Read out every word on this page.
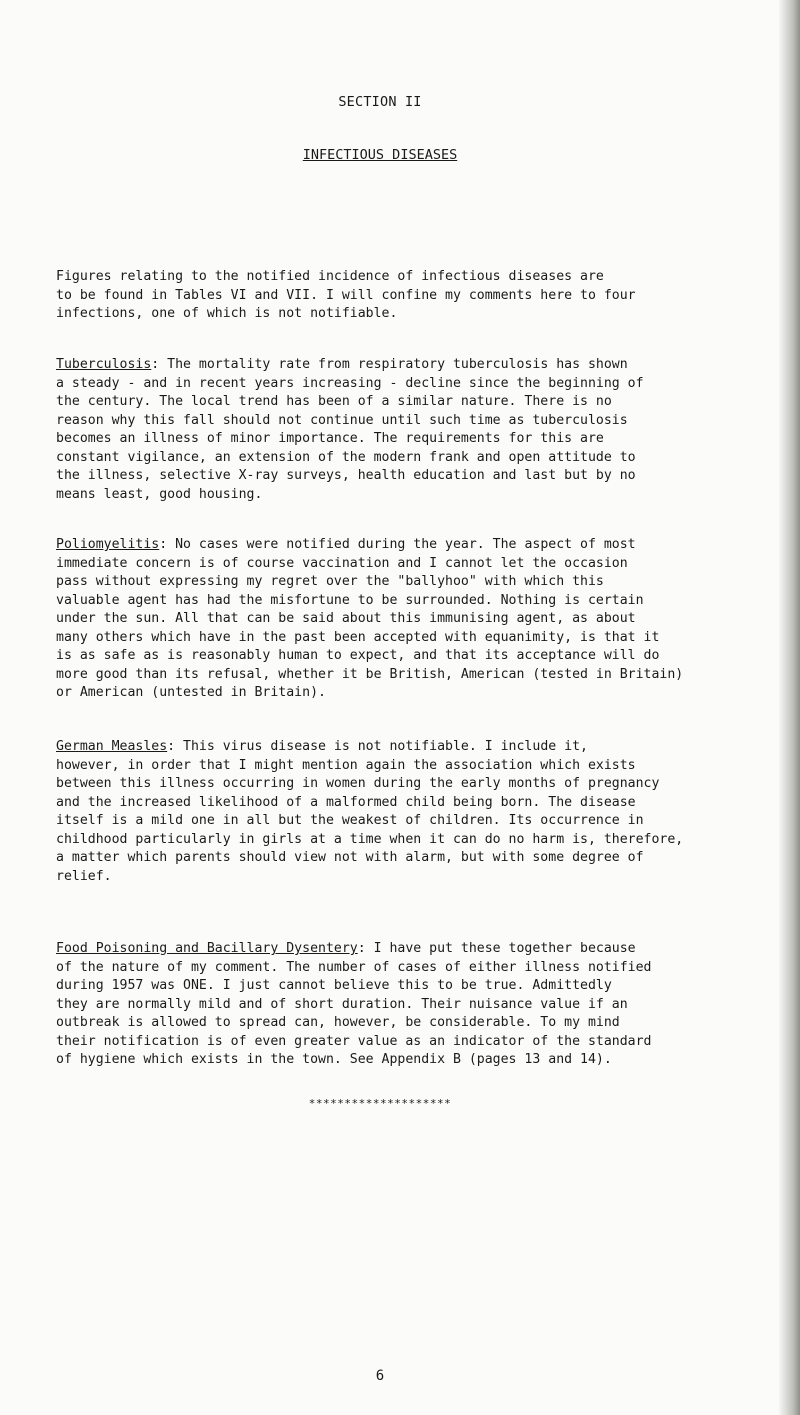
SECTION II
INFECTIOUS DISEASES

Figures relating to the notified incidence of infectious diseases are
to be found in Tables VI and VII. I will confine my comments here to four
infections, one of which is not notifiable.

Tuberculosis: The mortality rate from respiratory tuberculosis has shown
a steady - and in recent years increasing - decline since the beginning of
the century. The local trend has been of a similar nature. There is no
reason why this fall should not continue until such time as tuberculosis
becomes an illness of minor importance. The requirements for this are
constant vigilance, an extension of the modern frank and open attitude to
the illness, selective X-ray surveys, health education and last but by no
means least, good housing.

Poliomyelitis: No cases were notified during the year. The aspect of most
immediate concern is of course vaccination and I cannot let the occasion
pass without expressing my regret over the "ballyhoo" with which this
valuable agent has had the misfortune to be surrounded. Nothing is certain
under the sun. All that can be said about this immunising agent, as about
many others which have in the past been accepted with equanimity, is that it
is as safe as is reasonably human to expect, and that its acceptance will do
more good than its refusal, whether it be British, American (tested in Britain)
or American (untested in Britain).

German Measles: This virus disease is not notifiable. I include it,
however, in order that I might mention again the association which exists
between this illness occurring in women during the early months of pregnancy
and the increased likelihood of a malformed child being born. The disease
itself is a mild one in all but the weakest of children. Its occurrence in
childhood particularly in girls at a time when it can do no harm is, therefore,
a matter which parents should view not with alarm, but with some degree of
relief.

Food Poisoning and Bacillary Dysentery: I have put these together because
of the nature of my comment. The number of cases of either illness notified
during 1957 was ONE. I just cannot believe this to be true. Admittedly
they are normally mild and of short duration. Their nuisance value if an
outbreak is allowed to spread can, however, be considerable. To my mind
their notification is of even greater value as an indicator of the standard
of hygiene which exists in the town. See Appendix B (pages 13 and 14).

********************
6
